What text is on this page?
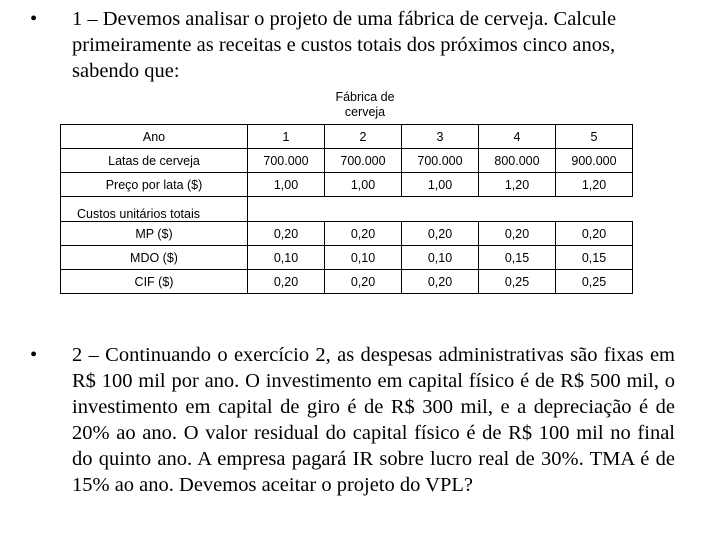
•	1 – Devemos analisar o projeto de uma fábrica de cerveja. Calcule primeiramente as receitas e custos totais dos próximos cinco anos, sabendo que:
Fábrica de cerveja
Ano	1	2	3	4	5
Latas de cerveja	700.000	700.000	700.000	800.000	900.000
Preço por lata ($)	1,00	1,00	1,00	1,20	1,20
Custos unitários totais					
MP ($)	0,20	0,20	0,20	0,20	0,20
MDO ($)	0,10	0,10	0,10	0,15	0,15
CIF ($)	0,20	0,20	0,20	0,25	0,25
•	2 – Continuando o exercício 2, as despesas administrativas são fixas em R$ 100 mil por ano. O investimento em capital físico é de R$ 500 mil, o investimento em capital de giro é de R$ 300 mil, e a depreciação é de 20% ao ano. O valor residual do capital físico é de R$ 100 mil no final do quinto ano. A empresa pagará IR sobre lucro real de 30%. TMA é de 15% ao ano. Devemos aceitar o projeto do VPL?
